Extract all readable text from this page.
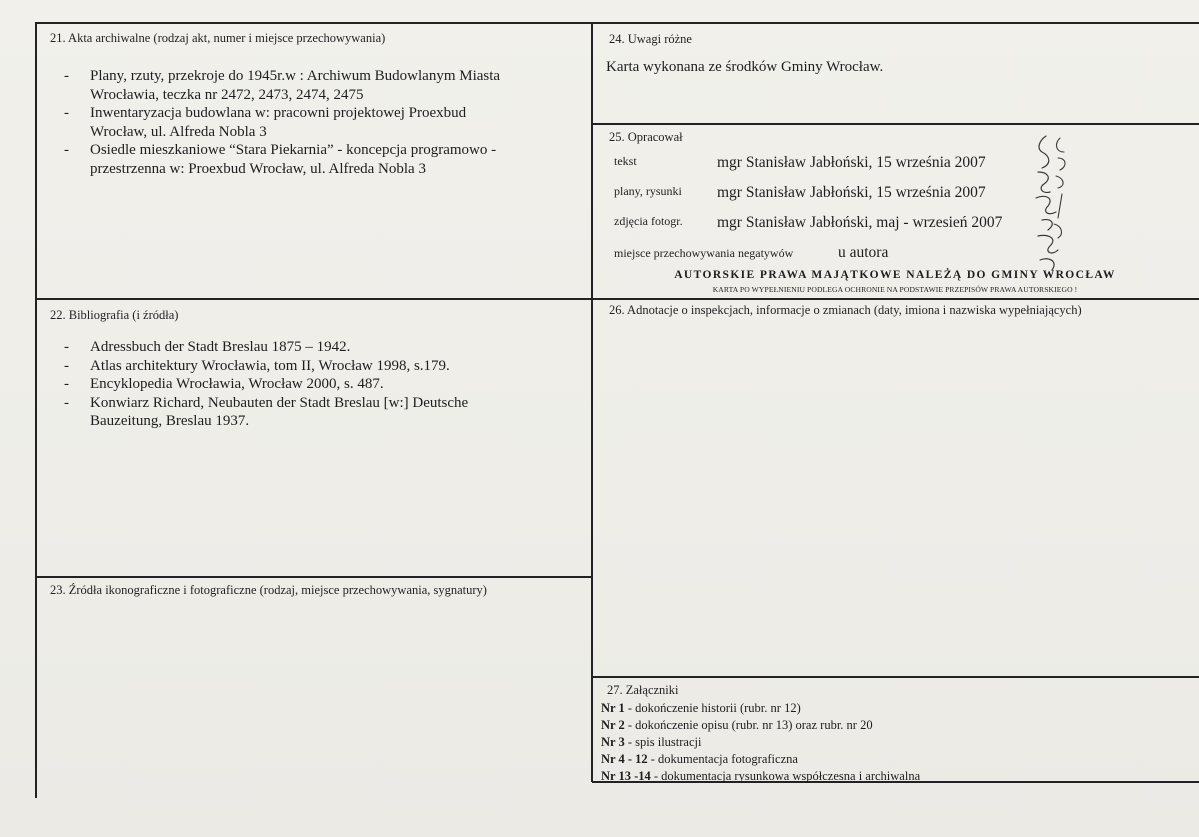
21. Akta archiwalne (rodzaj akt, numer i miejsce przechowywania)
- Plany, rzuty, przekroje do 1945r.w : Archiwum Budowlanym Miasta
Wrocławia, teczka nr 2472, 2473, 2474, 2475
- Inwentaryzacja budowlana w: pracowni projektowej Proexbud
Wrocław, ul. Alfreda Nobla 3
- Osiedle mieszkaniowe “Stara Piekarnia” - koncepcja programowo -
przestrzenna w: Proexbud Wrocław, ul. Alfreda Nobla 3
22. Bibliografia (i źródła)
- Adressbuch der Stadt Breslau 1875 – 1942.
- Atlas architektury Wrocławia, tom II, Wrocław 1998, s.179.
- Encyklopedia Wrocławia, Wrocław 2000, s. 487.
- Konwiarz Richard, Neubauten der Stadt Breslau [w:] Deutsche
Bauzeitung, Breslau 1937.
23. Źródła ikonograficzne i fotograficzne (rodzaj, miejsce przechowywania, sygnatury)
24. Uwagi różne
Karta wykonana ze środków Gminy Wrocław.
25. Opracował
tekst	mgr Stanisław Jabłoński, 15 września 2007
plany, rysunki mgr Stanisław Jabłoński, 15 września 2007
zdjęcia fotogr. mgr Stanisław Jabłoński, maj - wrzesień 2007
miejsce przechowywania negatywów	u autora
AUTORSKIE PRAWA MAJĄTKOWE NALEŻĄ DO GMINY WROCŁAW
KARTA PO WYPEŁNIENIU PODLEGA OCHRONIE NA PODSTAWIE PRZEPISÓW PRAWA AUTORSKIEGO !
26. Adnotacje o inspekcjach, informacje o zmianach (daty, imiona i nazwiska wypełniających)
27. Załączniki
Nr 1 - dokończenie historii (rubr. nr 12)
Nr 2 - dokończenie opisu (rubr. nr 13) oraz rubr. nr 20
Nr 3 - spis ilustracji
Nr 4 - 12 - dokumentacja fotograficzna
Nr 13 -14 - dokumentacja rysunkowa współczesna i archiwalna
